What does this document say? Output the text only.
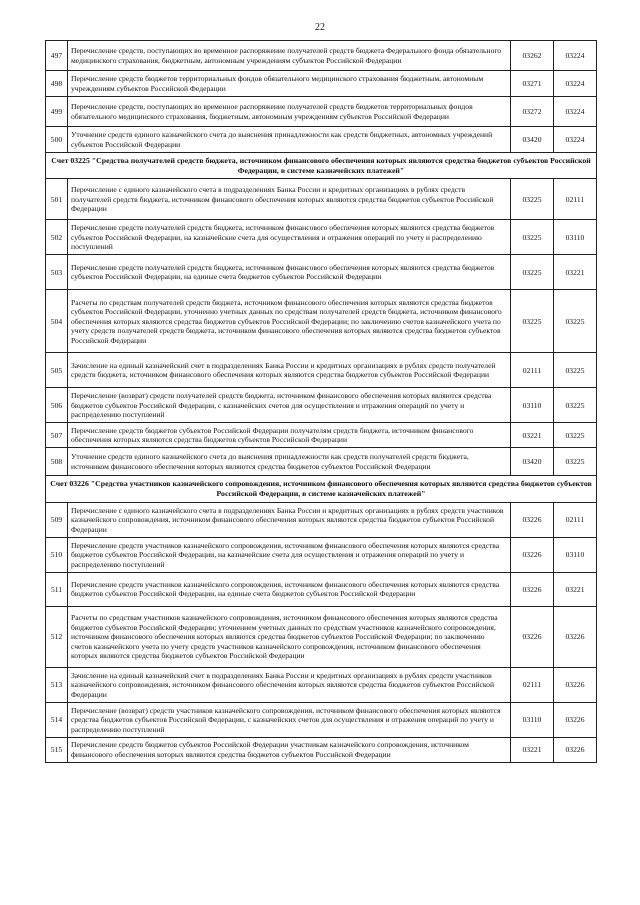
22
497	Перечисление средств, поступающих во временное распоряжение получателей средств бюджета Федерального фонда обязательного медицинского страхования, бюджетным, автономным учреждениям субъектов Российской Федерации	03262	03224
498	Перечисление средств бюджетов территориальных фондов обязательного медицинского страхования бюджетным, автономным учреждениям субъектов Российской Федерации	03271	03224
499	Перечисление средств, поступающих во временное распоряжение получателей средств бюджетов территориальных фондов обязательного медицинского страхования, бюджетным, автономным учреждениям субъектов Российской Федерации	03272	03224
500	Уточнение средств единого казначейского счета до выяснения принадлежности как средств бюджетных, автономных учреждений субъектов Российской Федерации	03420	03224
Счет 03225 "Средства получателей средств бюджета, источником финансового обеспечения которых являются средства бюджетов субъектов Российской Федерации, в системе казначейских платежей"			
501	Перечисление с единого казначейского счета в подразделениях Банка России и кредитных организациях в рублях средств получателей средств бюджета, источником финансового обеспечения которых являются средства бюджетов субъектов Российской Федерации	03225	02111
502	Перечисление средств получателей средств бюджета, источником финансового обеспечения которых являются средства бюджетов субъектов Российской Федерации, на казначейские счета для осуществления и отражения операций по учету и распределению поступлений	03225	03110
503	Перечисление средств получателей средств бюджета, источником финансового обеспечения которых являются средства бюджетов субъектов Российской Федерации, на единые счета бюджетов субъектов Российской Федерации	03225	03221
504	Расчеты по средствам получателей средств бюджета, источником финансового обеспечения которых являются средства бюджетов субъектов Российской Федерации, уточненно учетных данных по средствам получателей средств бюджета, источником финансового обеспечения которых являются средства бюджетов субъектов Российской Федерации; по заключению счетов казначейского учета по учету средств получателей средств бюджета, источником финансового обеспечения которых являются средства бюджетов субъектов Российской Федерации	03225	03225
505	Зачисление на единый казначейский счет в подразделениях Банка России и кредитных организациях в рублях средств получателей средств бюджета, источником финансового обеспечения которых являются средства бюджетов субъектов Российской Федерации	02111	03225
506	Перечисление (возврат) средств получателей средств бюджета, источником финансового обеспечения которых являются средства бюджетов субъектов Российской Федерации, с казначейских счетов для осуществления и отражения операций по учету и распределению поступлений	03110	03225
507	Перечисление средств бюджетов субъектов Российской Федерации получателям средств бюджета, источником финансового обеспечения которых являются средства бюджетов субъектов Российской Федерации	03221	03225
508	Уточнение средств единого казначейского счета до выяснения принадлежности как средств получателей средств бюджета, источником финансового обеспечения которых являются средства бюджетов субъектов Российской Федерации	03420	03225
Счет 03226 "Средства участников казначейского сопровождения, источником финансового обеспечения которых являются средства бюджетов субъектов Российской Федерации, в системе казначейских платежей"			
509	Перечисление с единого казначейского счета в подразделениях Банка России и кредитных организациях в рублях средств участников казначейского сопровождения, источником финансового обеспечения которых являются средства бюджетов субъектов Российской Федерации	03226	02111
510	Перечисление средств участников казначейского сопровождения, источником финансового обеспечения которых являются средства бюджетов субъектов Российской Федерации, на казначейские счета для осуществления и отражения операций по учету и распределению поступлений	03226	03110
511	Перечисление средств участников казначейского сопровождения, источником финансового обеспечения которых являются средства бюджетов субъектов Российской Федерации, на единые счета бюджетов субъектов Российской Федерации	03226	03221
512	Расчеты по средствам участников казначейского сопровождения, источником финансового обеспечения которых являются средства бюджетов субъектов Российской Федерации; уточнением учетных данных по средствам участников казначейского сопровождения, источником финансового обеспечения которых являются средства бюджетов субъектов Российской Федерации; по заключению счетов казначейского учета по учету средств участников казначейского сопровождения, источником финансового обеспечения которых являются средства бюджетов субъектов Российской Федерации	03226	03226
513	Зачисление на единый казначейский счет в подразделениях Банка России и кредитных организациях в рублях средств участников казначейского сопровождения, источником финансового обеспечения которых являются средства бюджетов субъектов Российской Федерации	02111	03226
514	Перечисление (возврат) средств участников казначейского сопровождения, источником финансового обеспечения которых являются средства бюджетов субъектов Российской Федерации, с казначейских счетов для осуществления и отражения операций по учету и распределению поступлений	03110	03226
515	Перечисление средств бюджетов субъектов Российской Федерации участникам казначейского сопровождения, источником финансового обеспечения которых являются средства бюджетов субъектов Российской Федерации	03221	03226
